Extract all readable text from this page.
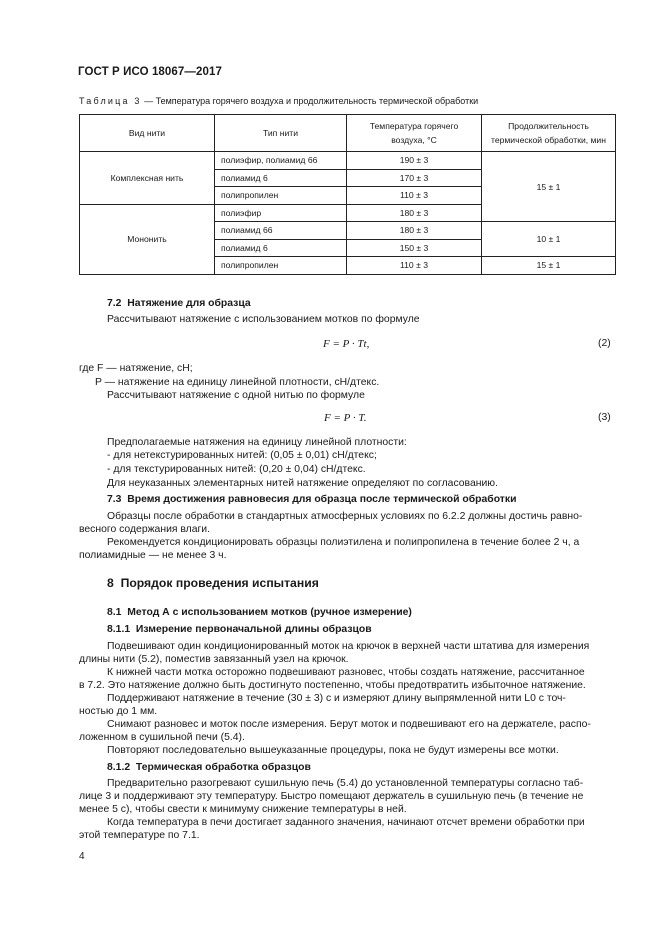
ГОСТ Р ИСО 18067—2017
Таблица 3 — Температура горячего воздуха и продолжительность термической обработки
Вид нити	Тип нити	Температура горячего воздуха, °С	Продолжительность термической обработки, мин
Комплексная нить	полиэфир, полиамид 66	190 ± 3	15 ± 1
	полиамид 6	170 ± 3	
	полипропилен	110 ± 3	
Мононить	полиэфир	180 ± 3	
	полиамид 66	180 ± 3	10 ± 1
	полиамид 6	150 ± 3	
	полипропилен	110 ± 3	15 ± 1
7.2 Натяжение для образца
Рассчитывают натяжение с использованием мотков по формуле
F = P · Tt,	(2)
где F — натяжение, сН;
P — натяжение на единицу линейной плотности, сН/дтекс.
Рассчитывают натяжение с одной нитью по формуле
F = P · T.	(3)
Предполагаемые натяжения на единицу линейной плотности:
- для нетекстурированных нитей: (0,05 ± 0,01) сН/дтекс;
- для текстурированных нитей: (0,20 ± 0,04) сН/дтекс.
Для неуказанных элементарных нитей натяжение определяют по согласованию.
7.3 Время достижения равновесия для образца после термической обработки
Образцы после обработки в стандартных атмосферных условиях по 6.2.2 должны достичь равно-
весного содержания влаги.
Рекомендуется кондиционировать образцы полиэтилена и полипропилена в течение более 2 ч, а
полиамидные — не менее 3 ч.
8 Порядок проведения испытания
8.1 Метод А с использованием мотков (ручное измерение)
8.1.1 Измерение первоначальной длины образцов
Подвешивают один кондиционированный моток на крючок в верхней части штатива для измерения
длины нити (5.2), поместив завязанный узел на крючок.
К нижней части мотка осторожно подвешивают разновес, чтобы создать натяжение, рассчитанное
в 7.2. Это натяжение должно быть достигнуто постепенно, чтобы предотвратить избыточное натяжение.
Поддерживают натяжение в течение (30 ± 3) с и измеряют длину выпрямленной нити L0 с точ-
ностью до 1 мм.
Снимают разновес и моток после измерения. Берут моток и подвешивают его на держателе, распо-
ложенном в сушильной печи (5.4).
Повторяют последовательно вышеуказанные процедуры, пока не будут измерены все мотки.
8.1.2 Термическая обработка образцов
Предварительно разогревают сушильную печь (5.4) до установленной температуры согласно таб-
лице 3 и поддерживают эту температуру. Быстро помещают держатель в сушильную печь (в течение не
менее 5 с), чтобы свести к минимуму снижение температуры в ней.
Когда температура в печи достигает заданного значения, начинают отсчет времени обработки при
этой температуре по 7.1.
4
